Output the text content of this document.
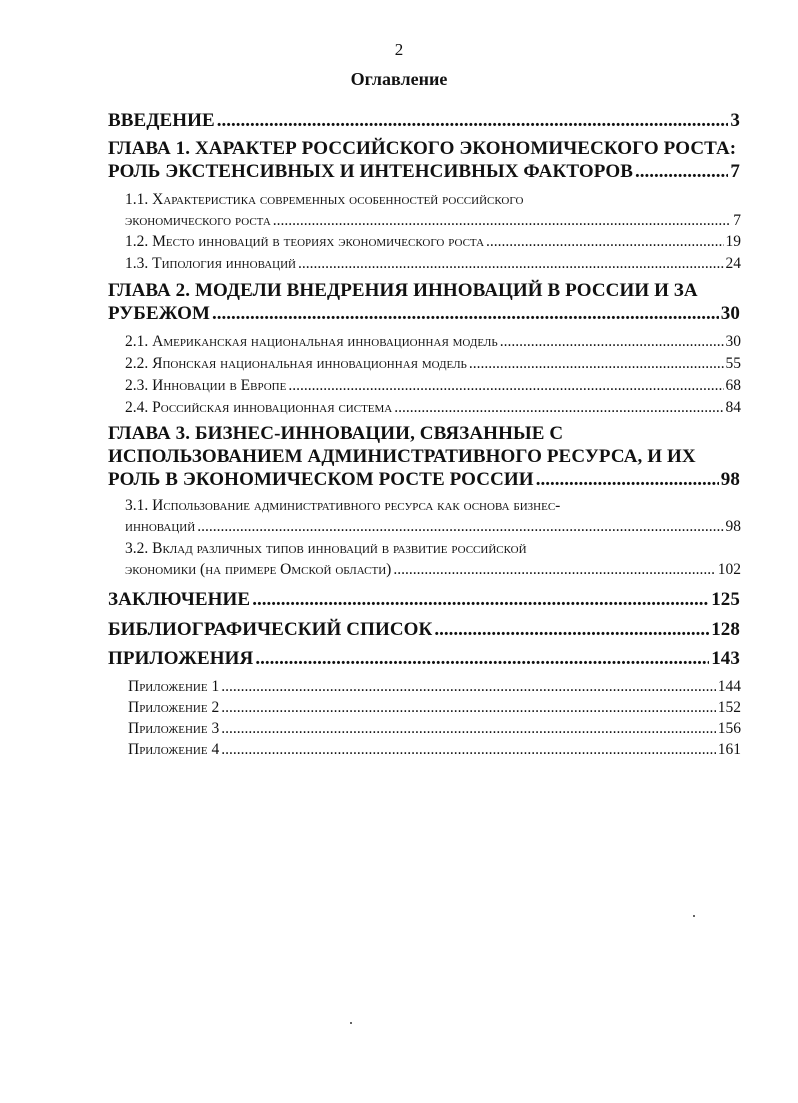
2
Оглавление
ВВЕДЕНИЕ .....	3
ГЛАВА 1. ХАРАКТЕР РОССИЙСКОГО ЭКОНОМИЧЕСКОГО РОСТА:
РОЛЬ ЭКСТЕНСИВНЫХ И ИНТЕНСИВНЫХ ФАКТОРОВ .....	7
1.1. Характеристика современных особенностей российского
экономического роста .....	7
1.2. Место инноваций в теориях экономического роста .....	19
1.3. Типология инноваций .....	24
ГЛАВА 2. МОДЕЛИ ВНЕДРЕНИЯ ИННОВАЦИЙ В РОССИИ И ЗА
РУБЕЖОМ .....	30
2.1. Американская национальная инновационная модель .....	30
2.2. Японская национальная инновационная модель .....	55
2.3. Инновации в Европе .....	68
2.4. Российская инновационная система .....	84
ГЛАВА 3. БИЗНЕС-ИННОВАЦИИ, СВЯЗАННЫЕ С
ИСПОЛЬЗОВАНИЕМ АДМИНИСТРАТИВНОГО РЕСУРСА, И ИХ
РОЛЬ В ЭКОНОМИЧЕСКОМ РОСТЕ РОССИИ .....	98
3.1. Использование административного ресурса как основа бизнес-
инноваций .....	98
3.2. Вклад различных типов инноваций в развитие российской
экономики (на примере Омской области) .....	102
ЗАКЛЮЧЕНИЕ .....	125
БИБЛИОГРАФИЧЕСКИЙ СПИСОК .....	128
ПРИЛОЖЕНИЯ .....	143
Приложение 1 .....	144
Приложение 2 .....	152
Приложение 3 .....	156
Приложение 4 .....	161
